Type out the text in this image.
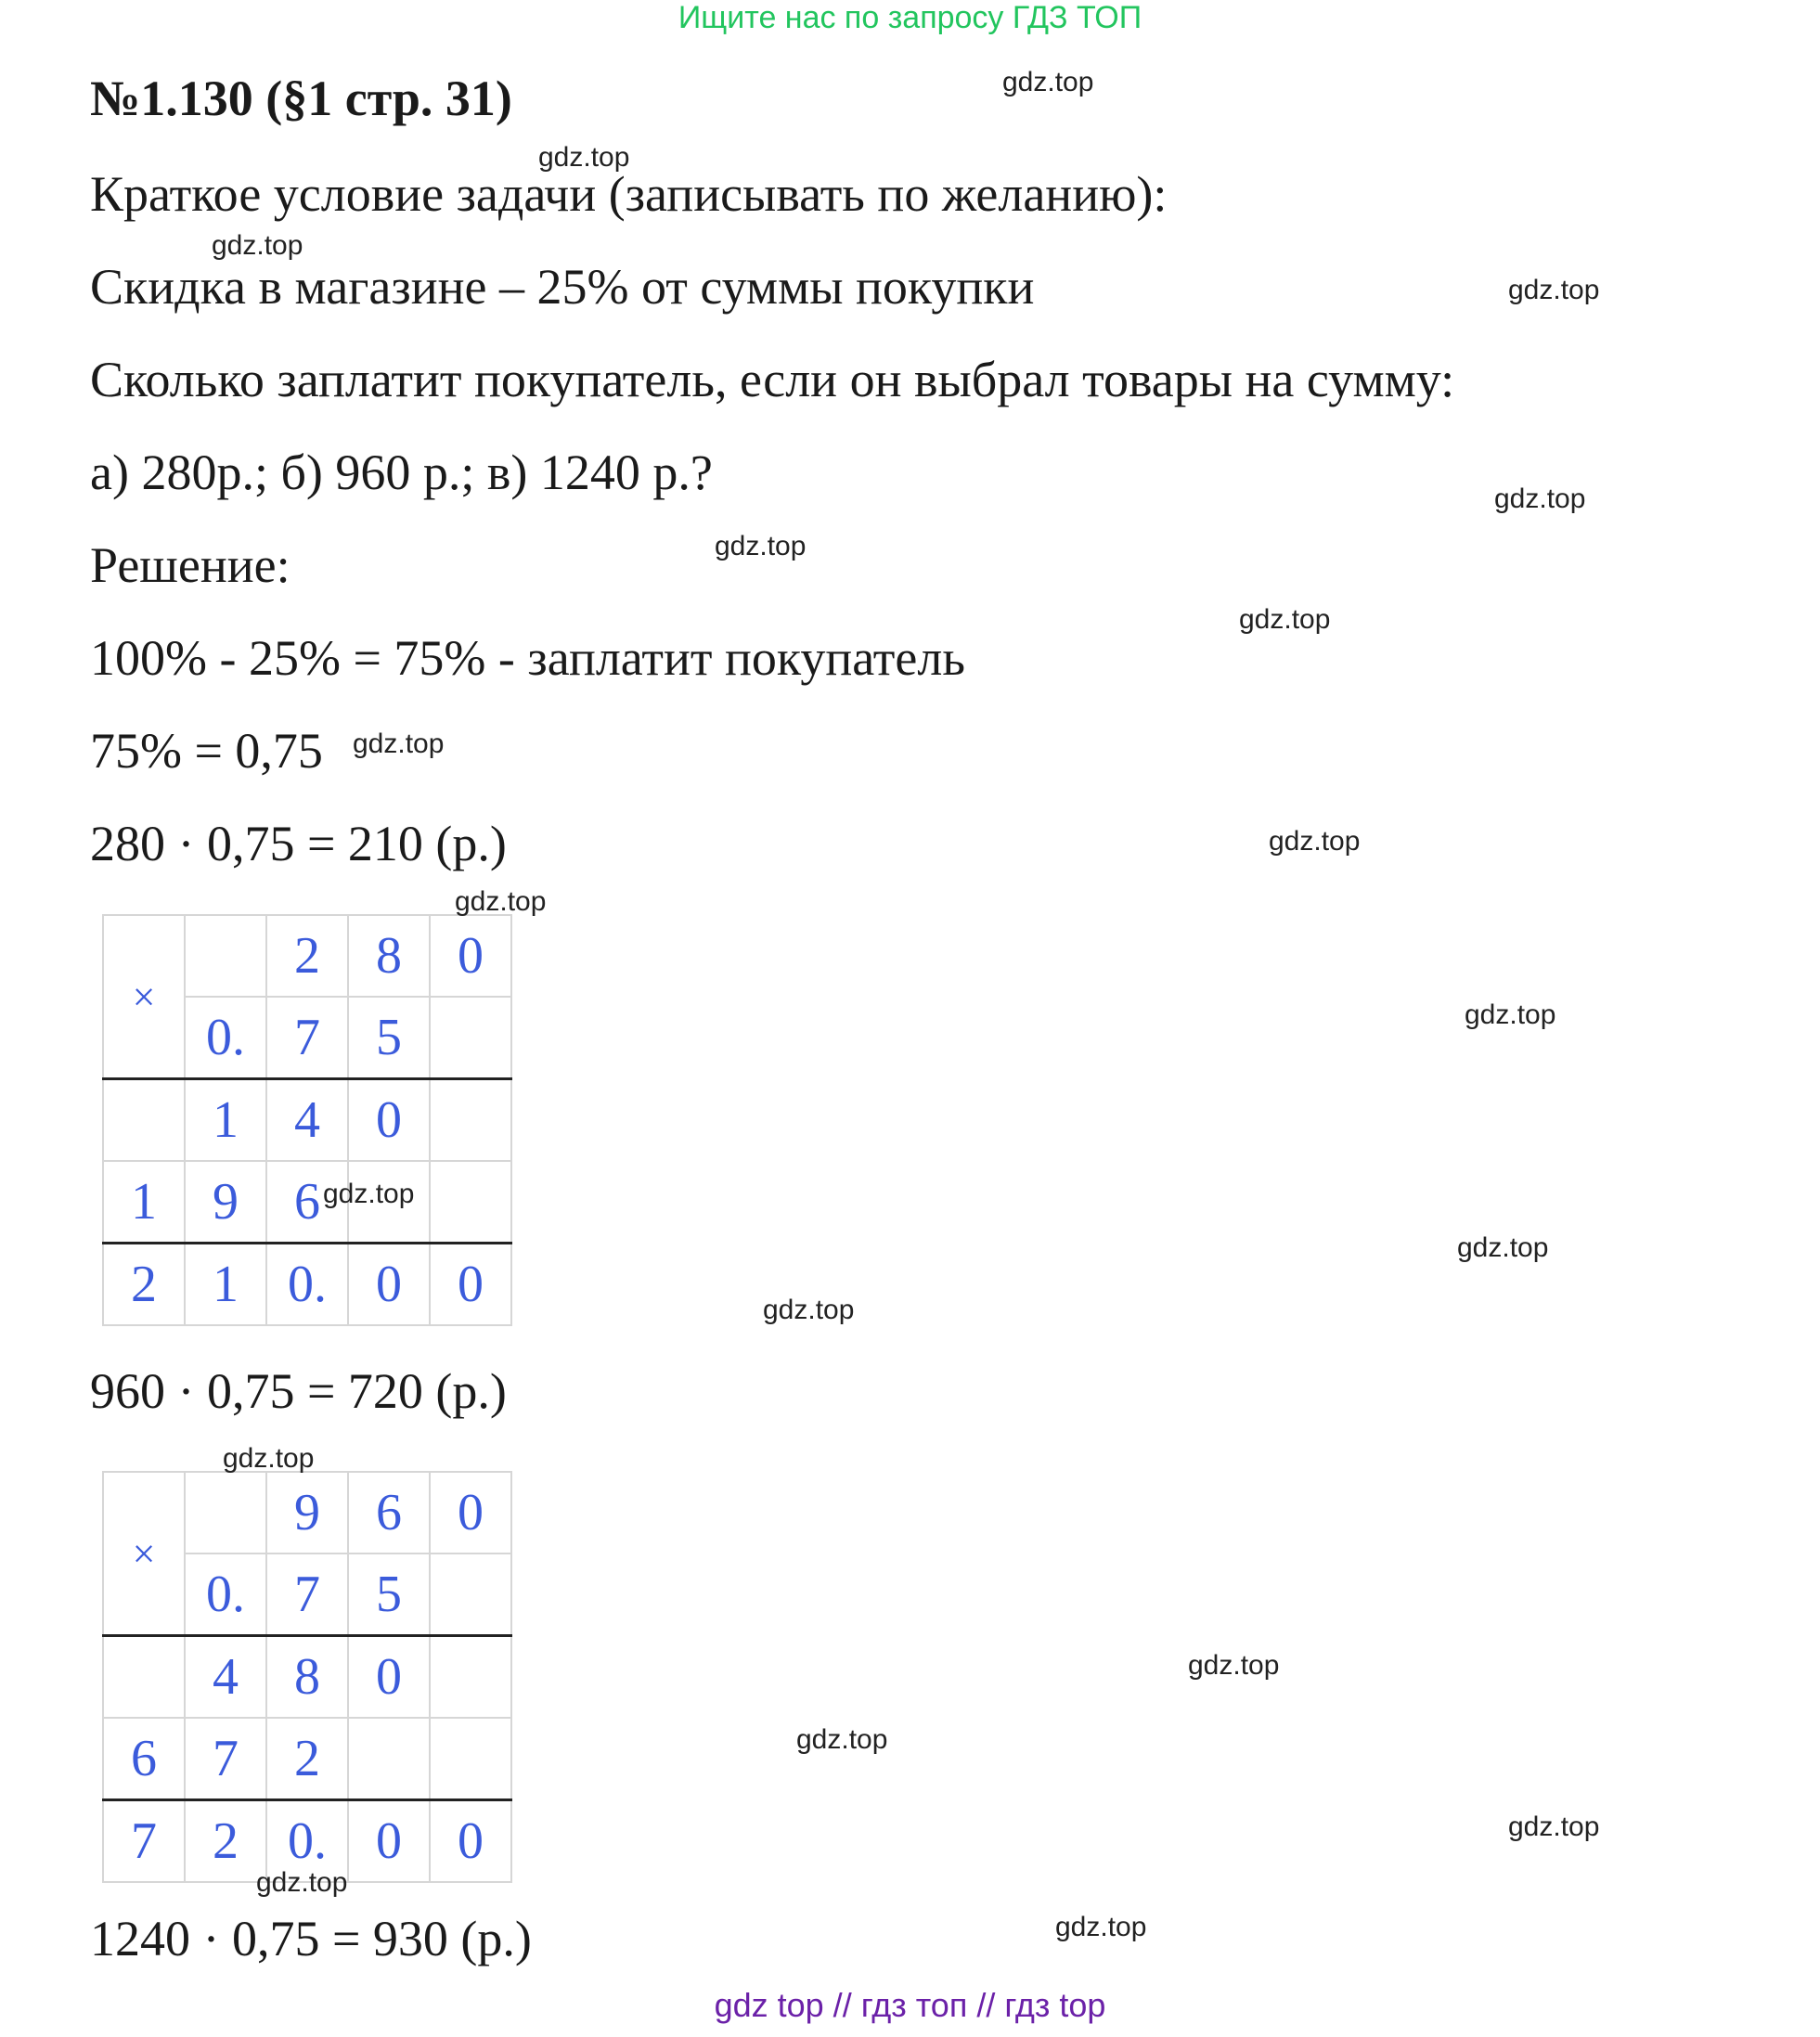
Ищите нас по запросу ГДЗ ТОП
№1.130 (§1 стр. 31)
Краткое условие задачи (записывать по желанию):
Скидка в магазине – 25% от суммы покупки
Сколько заплатит покупатель, если он выбрал товары на сумму:
а) 280р.; б) 960 р.; в) 1240 р.?
Решение:
100% - 25% = 75% - заплатит покупатель
75% = 0,75
280 · 0,75 = 210 (р.)
×		2	8	0
	0.	7	5	
	1	4	0	
1	9	6		
2	1	0.	0	0
960 · 0,75 = 720 (р.)
×		9	6	0
	0.	7	5	
	4	8	0	
6	7	2		
7	2	0.	0	0
1240 · 0,75 = 930 (р.)
gdz.top
gdz.top
gdz.top
gdz.top
gdz.top
gdz.top
gdz.top
gdz.top
gdz.top
gdz.top
gdz.top
gdz.top
gdz.top
gdz.top
gdz.top
gdz.top
gdz.top
gdz.top
gdz.top
gdz.top
gdz top // гдз топ // гдз top
